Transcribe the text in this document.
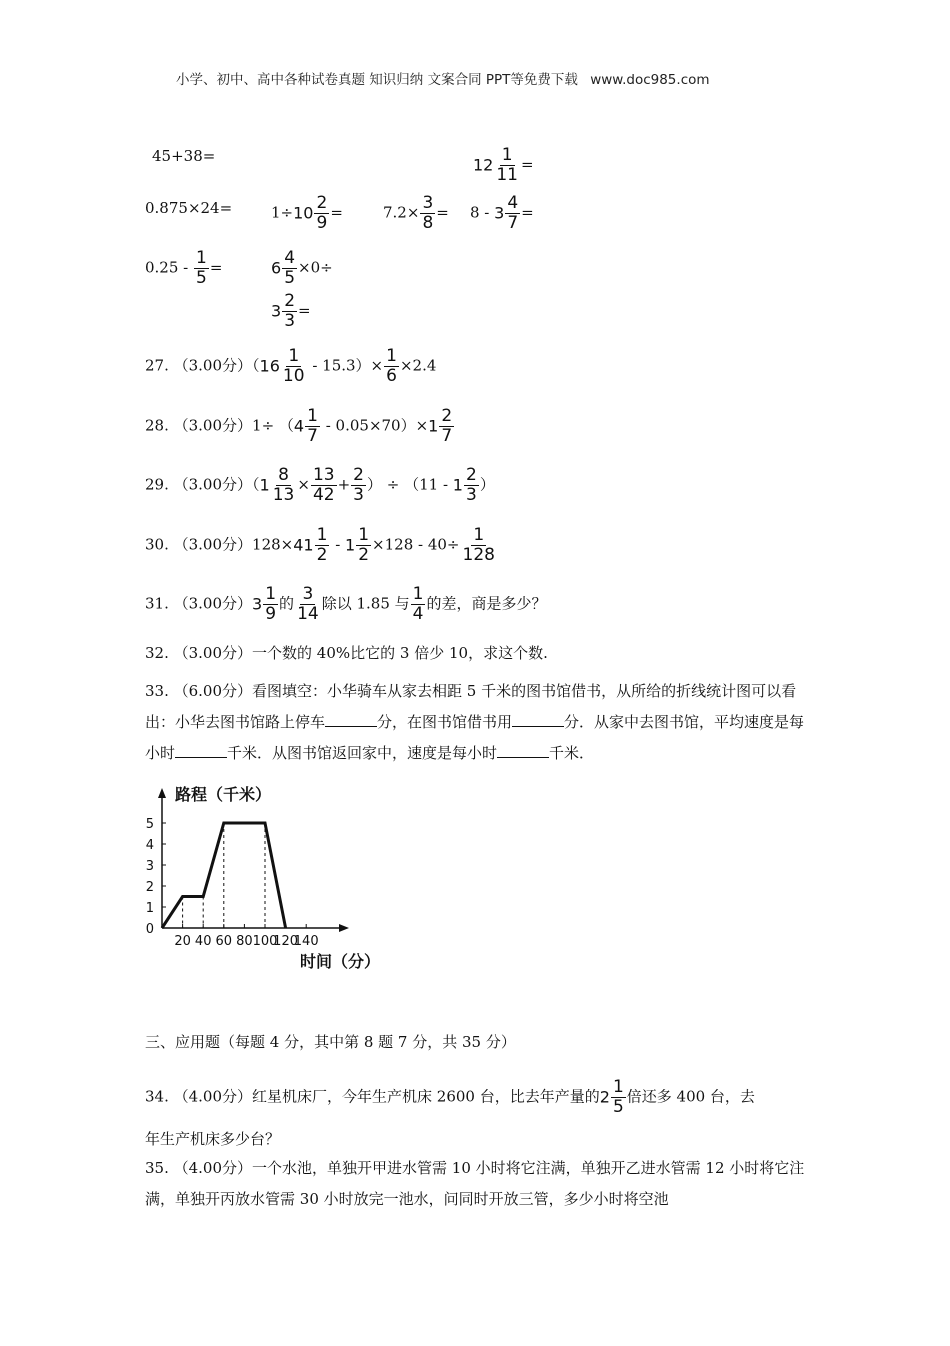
小学、初中、高中各种试卷真题 知识归纳 文案合同 PPT等免费下载 www.doc985.com
45+38=	$12 \frac{1}{11}$ =
0.875×24=	$1\div 10 \frac{2}{9}$ =	$7.2\times \frac{3}{8} = 8 - 3 \frac{4}{7}$ =
$0.25 - \frac{1}{5}$ =	$6 \frac{4}{5} \times 0\div$
$3 \frac{2}{3}$ =
27. （3.00分）$(16 \frac{1}{10} - 15.3)\times \frac{1}{6} \times 2.4$
28. （3.00分）$1\div (4 \frac{1}{7} - 0.05\times 70)\times 1 \frac{2}{7}$
29. （3.00分）（$1 \frac{8}{13} \times \frac{13}{42} + \frac{2}{3}$ ） ÷ （$11 - 1 \frac{2}{3}$ ）
30. （3.00分）$128\times 41 \frac{1}{2} - 1 \frac{1}{2} \times 128 - 40\div \frac{1}{128}$
31. （3.00分）$3 \frac{1}{9}$ 的 $\frac{3}{14}$ 除以 1.85 与 $\frac{1}{4}$ 的差，商是多少？
32. （3.00分）一个数的 40%比它的 3 倍少 10，求这个数.
33. （6.00分）看图填空：小华骑车从家去相距 5 千米的图书馆借书，从所给的折线统计图可以看出：小华去图书馆路上停车	分，在图书馆借书用	分．从家中去图书馆，平均速度是每小时	千米．从图书馆返回家中，速度是每小时	千米．
路程（千米）
时间（分）
0
1
2
3
4
5
20 40 60 80 100
120
140
三、应用题（每题 4 分，其中第 8 题 7 分，共 35 分）
34. （4.00分）红星机床厂，今年生产机床 2600 台，比去年产量的$2 \frac{1}{5}$ 倍还多 400 台，去
年生产机床多少台？
35. （4.00分）一个水池，单独开甲进水管需 10 小时将它注满，单独开乙进水管需 12 小时将它注满，单独开丙放水管需 30 小时放完一池水，问同时开放三管，多少小时将空池
